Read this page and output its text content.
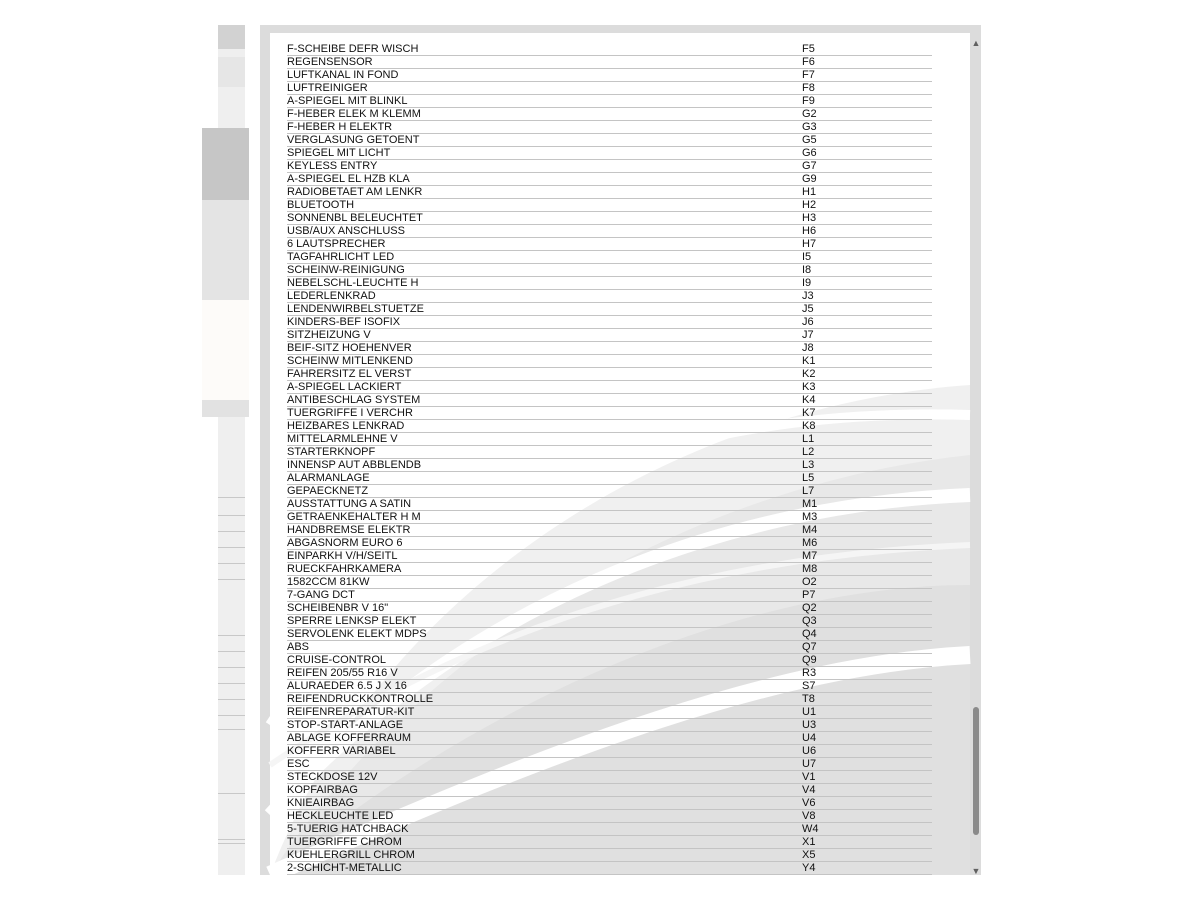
F-SCHEIBE DEFR WISCH	F5
REGENSENSOR	F6
LUFTKANAL IN FOND	F7
LUFTREINIGER	F8
A-SPIEGEL MIT BLINKL	F9
F-HEBER ELEK M KLEMM	G2
F-HEBER H ELEKTR	G3
VERGLASUNG GETOENT	G5
SPIEGEL MIT LICHT	G6
KEYLESS ENTRY	G7
A-SPIEGEL EL HZB KLA	G9
RADIOBETAET AM LENKR	H1
BLUETOOTH	H2
SONNENBL BELEUCHTET	H3
USB/AUX ANSCHLUSS	H6
6 LAUTSPRECHER	H7
TAGFAHRLICHT LED	I5
SCHEINW-REINIGUNG	I8
NEBELSCHL-LEUCHTE H	I9
LEDERLENKRAD	J3
LENDENWIRBELSTUETZE	J5
KINDERS-BEF ISOFIX	J6
SITZHEIZUNG V	J7
BEIF-SITZ HOEHENVER	J8
SCHEINW MITLENKEND	K1
FAHRERSITZ EL VERST	K2
A-SPIEGEL LACKIERT	K3
ANTIBESCHLAG SYSTEM	K4
TUERGRIFFE I VERCHR	K7
HEIZBARES LENKRAD	K8
MITTELARMLEHNE V	L1
STARTERKNOPF	L2
INNENSP AUT ABBLENDB	L3
ALARMANLAGE	L5
GEPAECKNETZ	L7
AUSSTATTUNG A SATIN	M1
GETRAENKEHALTER H M	M3
HANDBREMSE ELEKTR	M4
ABGASNORM EURO 6	M6
EINPARKH V/H/SEITL	M7
RUECKFAHRKAMERA	M8
1582CCM 81KW	O2
7-GANG DCT	P7
SCHEIBENBR V 16"	Q2
SPERRE LENKSP ELEKT	Q3
SERVOLENK ELEKT MDPS	Q4
ABS	Q7
CRUISE-CONTROL	Q9
REIFEN 205/55 R16 V	R3
ALURAEDER 6.5 J X 16	S7
REIFENDRUCKKONTROLLE	T8
REIFENREPARATUR-KIT	U1
STOP-START-ANLAGE	U3
ABLAGE KOFFERRAUM	U4
KOFFERR VARIABEL	U6
ESC	U7
STECKDOSE 12V	V1
KOPFAIRBAG	V4
KNIEAIRBAG	V6
HECKLEUCHTE LED	V8
5-TUERIG HATCHBACK	W4
TUERGRIFFE CHROM	X1
KUEHLERGRILL CHROM	X5
2-SCHICHT-METALLIC	Y4
▲
▼
